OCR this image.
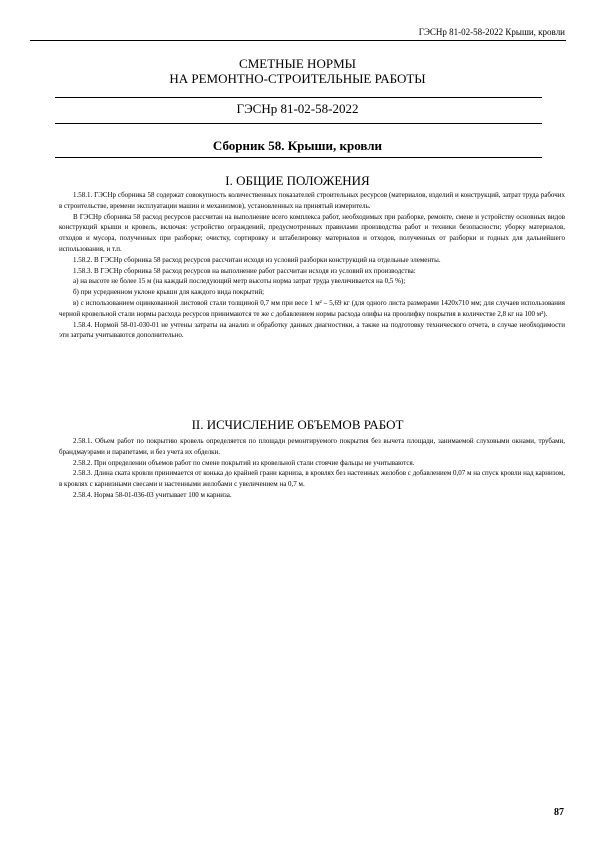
ГЭСНр 81-02-58-2022 Крыши, кровли
СМЕТНЫЕ НОРМЫ
НА РЕМОНТНО-СТРОИТЕЛЬНЫЕ РАБОТЫ
ГЭСНр 81-02-58-2022
Сборник 58. Крыши, кровли
I. ОБЩИЕ ПОЛОЖЕНИЯ

1.58.1. ГЭСНр сборника 58 содержат совокупность количественных показателей строительных ресурсов (материалов, изделий и конструкций, затрат труда рабочих в строительстве, времени эксплуатации машин и механизмов), установленных на принятый измеритель.

В ГЭСНр сборника 58 расход ресурсов рассчитан на выполнение всего комплекса работ, необходимых при разборке, ремонте, смене и устройству основных видов конструкций крыши и кровель, включая: устройство ограждений, предусмотренных правилами производства работ и техники безопасности; уборку материалов, отходов и мусора, полученных при разборке; очистку, сортировку и штабелировку материалов и отходов, полученных от разборки и годных для дальнейшего использования, и т.п.

1.58.2. В ГЭСНр сборника 58 расход ресурсов рассчитан исходя из условий разборки конструкций на отдельные элементы.

1.58.3. В ГЭСНр сборника 58 расход ресурсов на выполнение работ рассчитан исходя из условий их производства:

а) на высоте не более 15 м (на каждый последующий метр высоты норма затрат труда увеличивается на 0,5 %);

б) при усредненном уклоне крыши для каждого вида покрытий;

в) с использованием оцинкованной листовой стали толщиной 0,7 мм при весе 1 м² – 5,69 кг (для одного листа размерами 1420х710 мм; для случаев использования черной кровельной стали нормы расхода ресурсов принимаются те же с добавлением нормы расхода олифы на проолифку покрытия в количестве 2,8 кг на 100 м²).

1.58.4. Нормой 58-01-030-01 не учтены затраты на анализ и обработку данных диагностики, а также на подготовку технического отчета, в случае необходимости эти затраты учитываются дополнительно.

II. ИСЧИСЛЕНИЕ ОБЪЕМОВ РАБОТ

2.58.1. Объем работ по покрытию кровель определяется по площади ремонтируемого покрытия без вычета площади, занимаемой слуховыми окнами, трубами, брандмауэрами и парапетами, и без учета их обделки.

2.58.2. При определении объемов работ по смене покрытий из кровельной стали стоячие фальцы не учитываются.

2.58.3. Длина ската кровли принимается от конька до крайней грани карниза, в кровлях без настенных желобов с добавлением 0,07 м на спуск кровли над карнизом, в кровлях с карнизными свесами и настенными желобами с увеличением на 0,7 м.

2.58.4. Норма 58-01-036-03 учитывает 100 м карниза.

87
